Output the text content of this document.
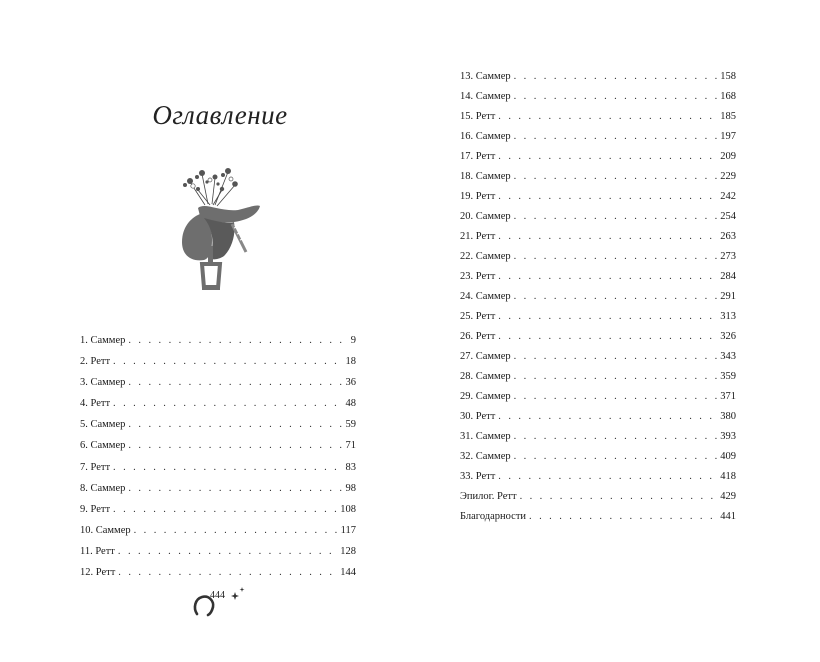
Оглавление
1. Саммер . . .	9
2. Ретт . . .	18
3. Саммер . . .	36
4. Ретт . . .	48
5. Саммер . . .	59
6. Саммер . . .	71
7. Ретт . . .	83
8. Саммер . . .	98
9. Ретт . . .	108
10. Саммер . . .	117
11. Ретт . . .	128
12. Ретт . . .	144
13. Саммер . . .	158
14. Саммер . . .	168
15. Ретт . . .	185
16. Саммер . . .	197
17. Ретт . . .	209
18. Саммер . . .	229
19. Ретт . . .	242
20. Саммер . . .	254
21. Ретт . . .	263
22. Саммер . . .	273
23. Ретт . . .	284
24. Саммер . . .	291
25. Ретт . . .	313
26. Ретт . . .	326
27. Саммер . . .	343
28. Саммер . . .	359
29. Саммер . . .	371
30. Ретт . . .	380
31. Саммер . . .	393
32. Саммер . . .	409
33. Ретт . . .	418
Эпилог. Ретт . . .	429
Благодарности . . .	441
444
